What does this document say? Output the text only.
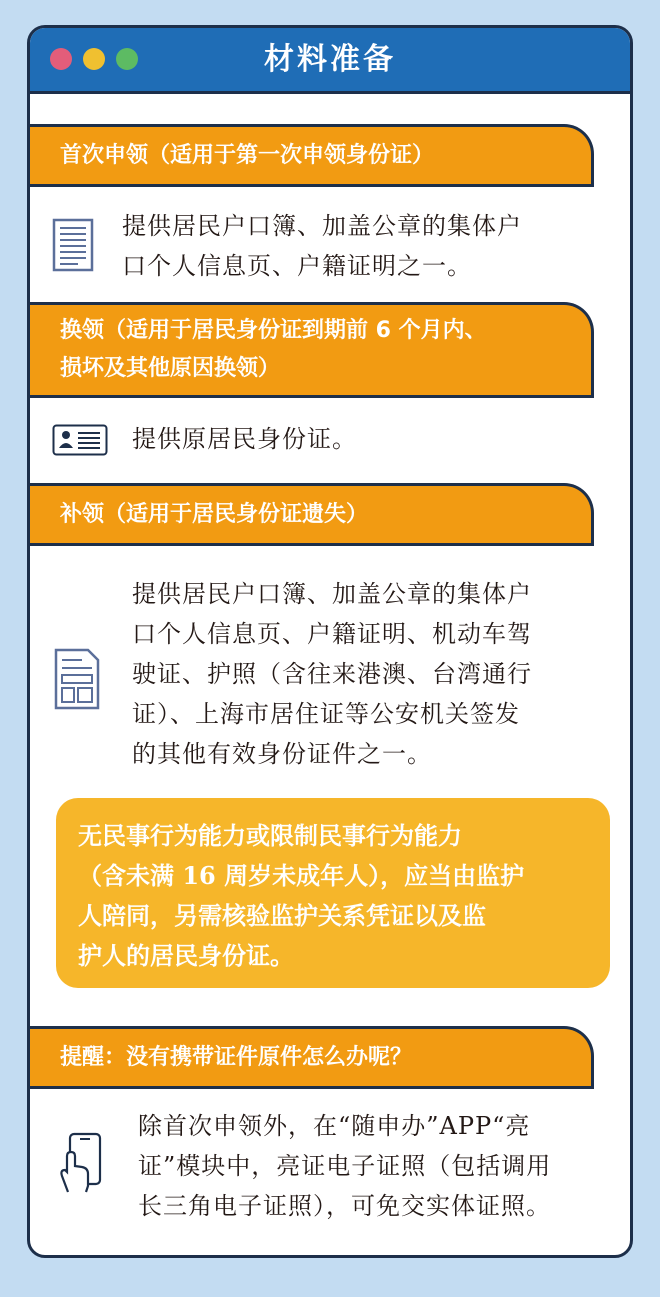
材料准备
首次申领（适用于第一次申领身份证）
提供居民户口簿、加盖公章的集体户
口个人信息页、户籍证明之一。
换领（适用于居民身份证到期前 6 个月内、
损坏及其他原因换领）
提供原居民身份证。
补领（适用于居民身份证遗失）
提供居民户口簿、加盖公章的集体户
口个人信息页、户籍证明、机动车驾
驶证、护照（含往来港澳、台湾通行
证）、上海市居住证等公安机关签发
的其他有效身份证件之一。
无民事行为能力或限制民事行为能力
（含未满 16 周岁未成年人），应当由监护
人陪同，另需核验监护关系凭证以及监
护人的居民身份证。
提醒：没有携带证件原件怎么办呢？
除首次申领外，在“随申办”APP“亮
证”模块中，亮证电子证照（包括调用
长三角电子证照），可免交实体证照。
